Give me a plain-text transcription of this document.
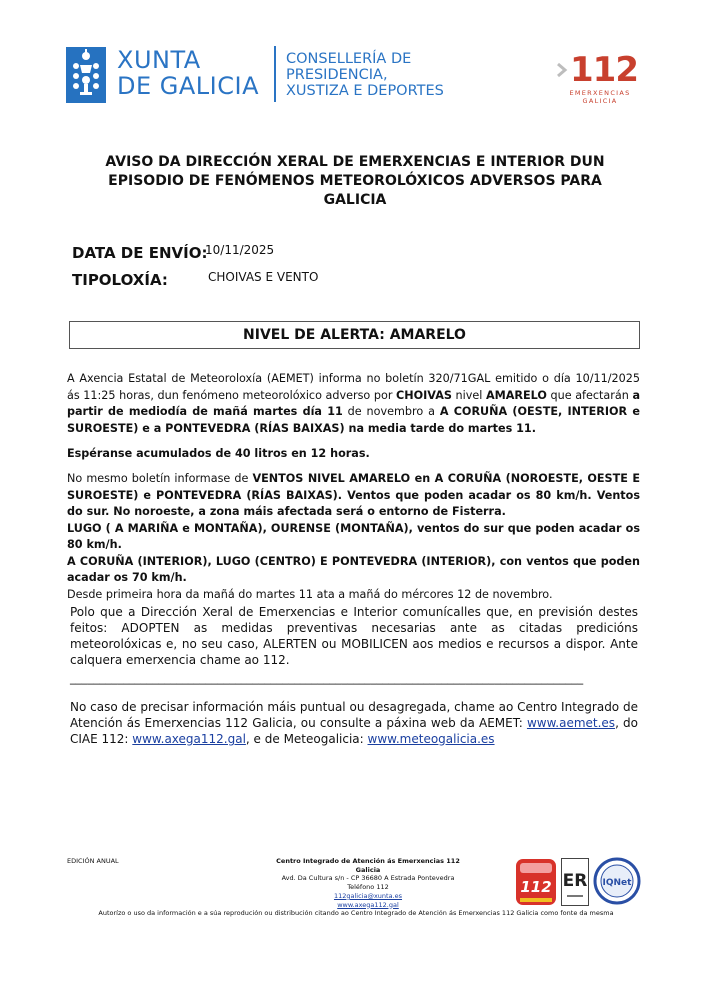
XUNTA
DE GALICIA
CONSELLERÍA DE
PRESIDENCIA,
XUSTIZA E DEPORTES
112
EMERXENCIAS
GALICIA
AVISO DA DIRECCIÓN XERAL DE EMERXENCIAS E INTERIOR DUN EPISODIO DE FENÓMENOS METEOROLÓXICOS ADVERSOS PARA GALICIA
DATA DE ENVÍO:
10/11/2025
TIPOLOXÍA:	CHOIVAS E VENTO
NIVEL DE ALERTA: AMARELO
A Axencia Estatal de Meteoroloxía (AEMET) informa no boletín 320/71GAL emitido o día 10/11/2025 ás 11:25 horas, dun fenómeno meteorolóxico adverso por CHOIVAS nivel AMARELO que afectarán a partir de mediodía de mañá martes día 11 de novembro a A CORUÑA (OESTE, INTERIOR e SUROESTE) e a PONTEVEDRA (RÍAS BAIXAS) na media tarde do martes 11.
Espéranse acumulados de 40 litros en 12 horas.
No mesmo boletín informase de VENTOS NIVEL AMARELO en A CORUÑA (NOROESTE, OESTE E SUROESTE) e PONTEVEDRA (RÍAS BAIXAS). Ventos que poden acadar os 80 km/h. Ventos do sur. No noroeste, a zona máis afectada será o entorno de Fisterra.
LUGO ( A MARIÑA e MONTAÑA), OURENSE (MONTAÑA), ventos do sur que poden acadar os 80 km/h.
A CORUÑA (INTERIOR), LUGO (CENTRO) E PONTEVEDRA (INTERIOR), con ventos que poden acadar os 70 km/h.
Desde primeira hora da mañá do martes 11 ata a mañá do mércores 12 de novembro.
Polo que a Dirección Xeral de Emerxencias e Interior comunícalles que, en previsión destes feitos: ADOPTEN as medidas preventivas necesarias ante as citadas predicións meteorolóxicas e, no seu caso, ALERTEN ou MOBILICEN aos medios e recursos a dispor. Ante calquera emerxencia chame ao 112.
_______________________________________________________________________________________
No caso de precisar información máis puntual ou desagregada, chame ao Centro Integrado de Atención ás Emerxencias 112 Galicia, ou consulte a páxina web da AEMET: www.aemet.es, do CIAE 112: www.axega112.gal, e de Meteogalicia: www.meteogalicia.es
EDICIÓN ANUAL	Centro Integrado de Atención ás Emerxencias 112 Galicia
Avd. Da Cultura s/n - CP 36680 A Estrada Pontevedra
Teléfono 112
112galicia@xunta.es
www.axega112.gal
112 ER IQNet
Autorízo o uso da información e a súa reprodución ou distribución citando ao Centro Integrado de Atención ás Emerxencias 112 Galicia como fonte da mesma
